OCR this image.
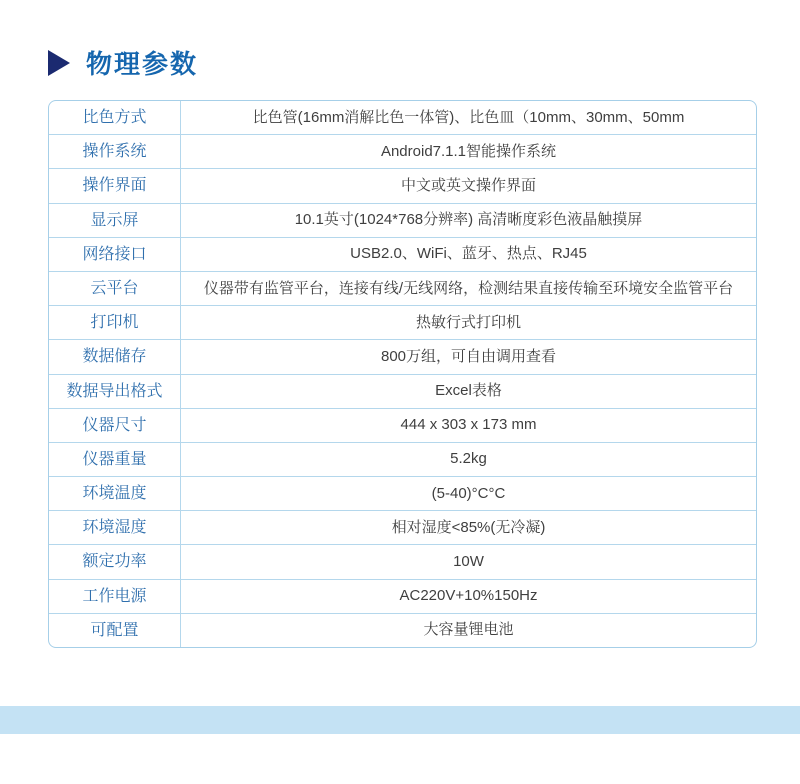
物理参数
比色方式	比色管(16mm消解比色一体管)、比色皿（10mm、30mm、50mm
操作系统	Android7.1.1智能操作系统
操作界面	中文或英文操作界面
显示屏	10.1英寸(1024*768分辨率) 高清晰度彩色液晶触摸屏
网络接口	USB2.0、WiFi、蓝牙、热点、RJ45
云平台	仪器带有监管平台，连接有线/无线网络，检测结果直接传输至环境安全监管平台
打印机	热敏行式打印机
数据储存	800万组，可自由调用查看
数据导出格式	Excel表格
仪器尺寸	444 x 303 x 173 mm
仪器重量	5.2kg
环境温度	(5-40)°C°C
环境湿度	相对湿度<85%(无冷凝)
额定功率	10W
工作电源	AC220V+10%150Hz
可配置	大容量锂电池
